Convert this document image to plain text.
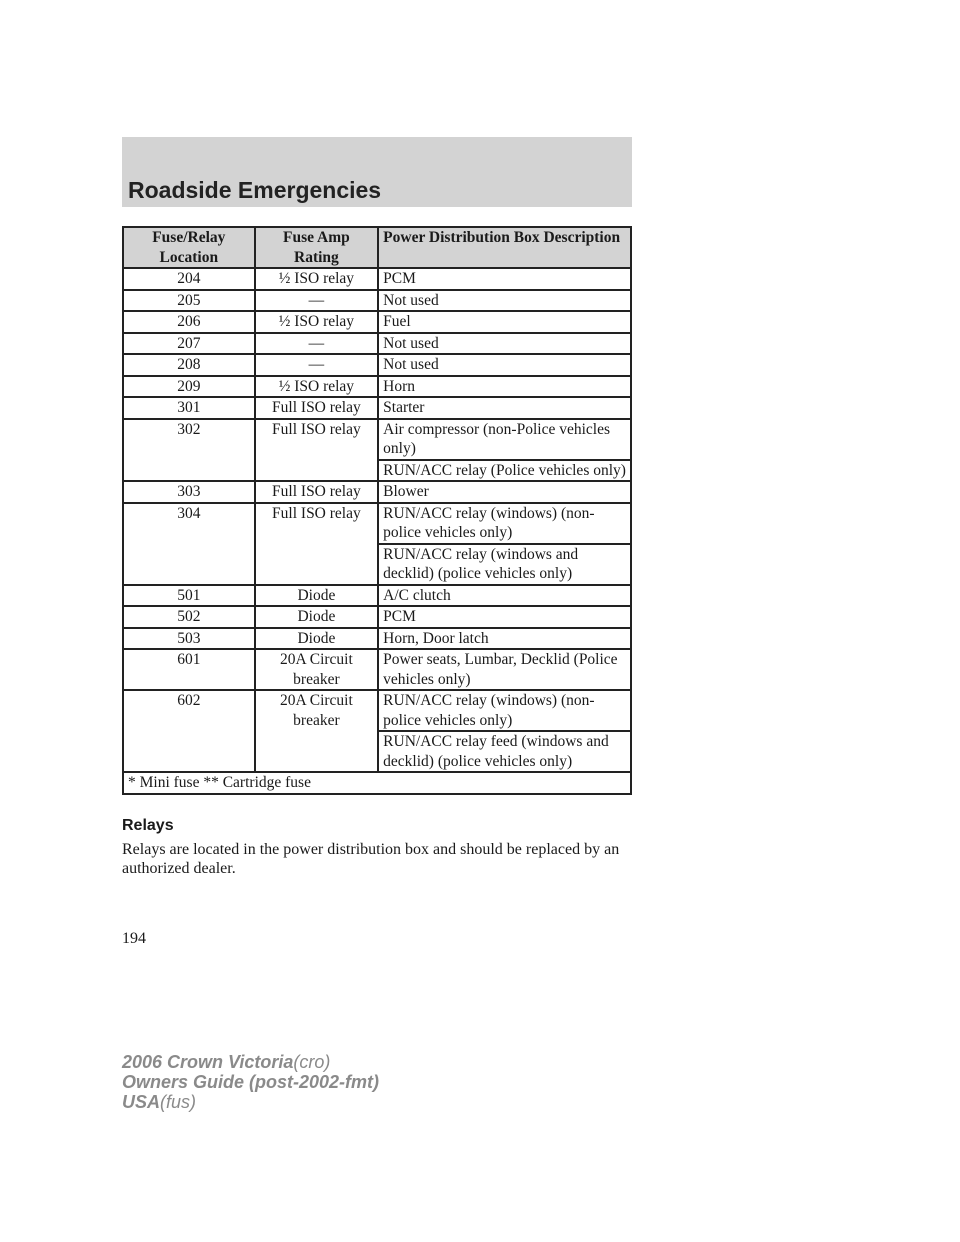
Roadside Emergencies
Fuse/Relay Location	Fuse Amp Rating	Power Distribution Box Description
204	½ ISO relay	PCM
205	—	Not used
206	½ ISO relay	Fuel
207	—	Not used
208	—	Not used
209	½ ISO relay	Horn
301	Full ISO relay	Starter
302	Full ISO relay	Air compressor (non-Police vehicles only)
		RUN/ACC relay (Police vehicles only)
303	Full ISO relay	Blower
304	Full ISO relay	RUN/ACC relay (windows) (non-police vehicles only)
		RUN/ACC relay (windows and decklid) (police vehicles only)
501	Diode	A/C clutch
502	Diode	PCM
503	Diode	Horn, Door latch
601	20A Circuit breaker	Power seats, Lumbar, Decklid (Police vehicles only)
602	20A Circuit breaker	RUN/ACC relay (windows) (non-police vehicles only)
		RUN/ACC relay feed (windows and decklid) (police vehicles only)
* Mini fuse ** Cartridge fuse		
Relays
Relays are located in the power distribution box and should be replaced by an authorized dealer.
194
2006 Crown Victoria(cro)
Owners Guide (post-2002-fmt)
USA(fus)
